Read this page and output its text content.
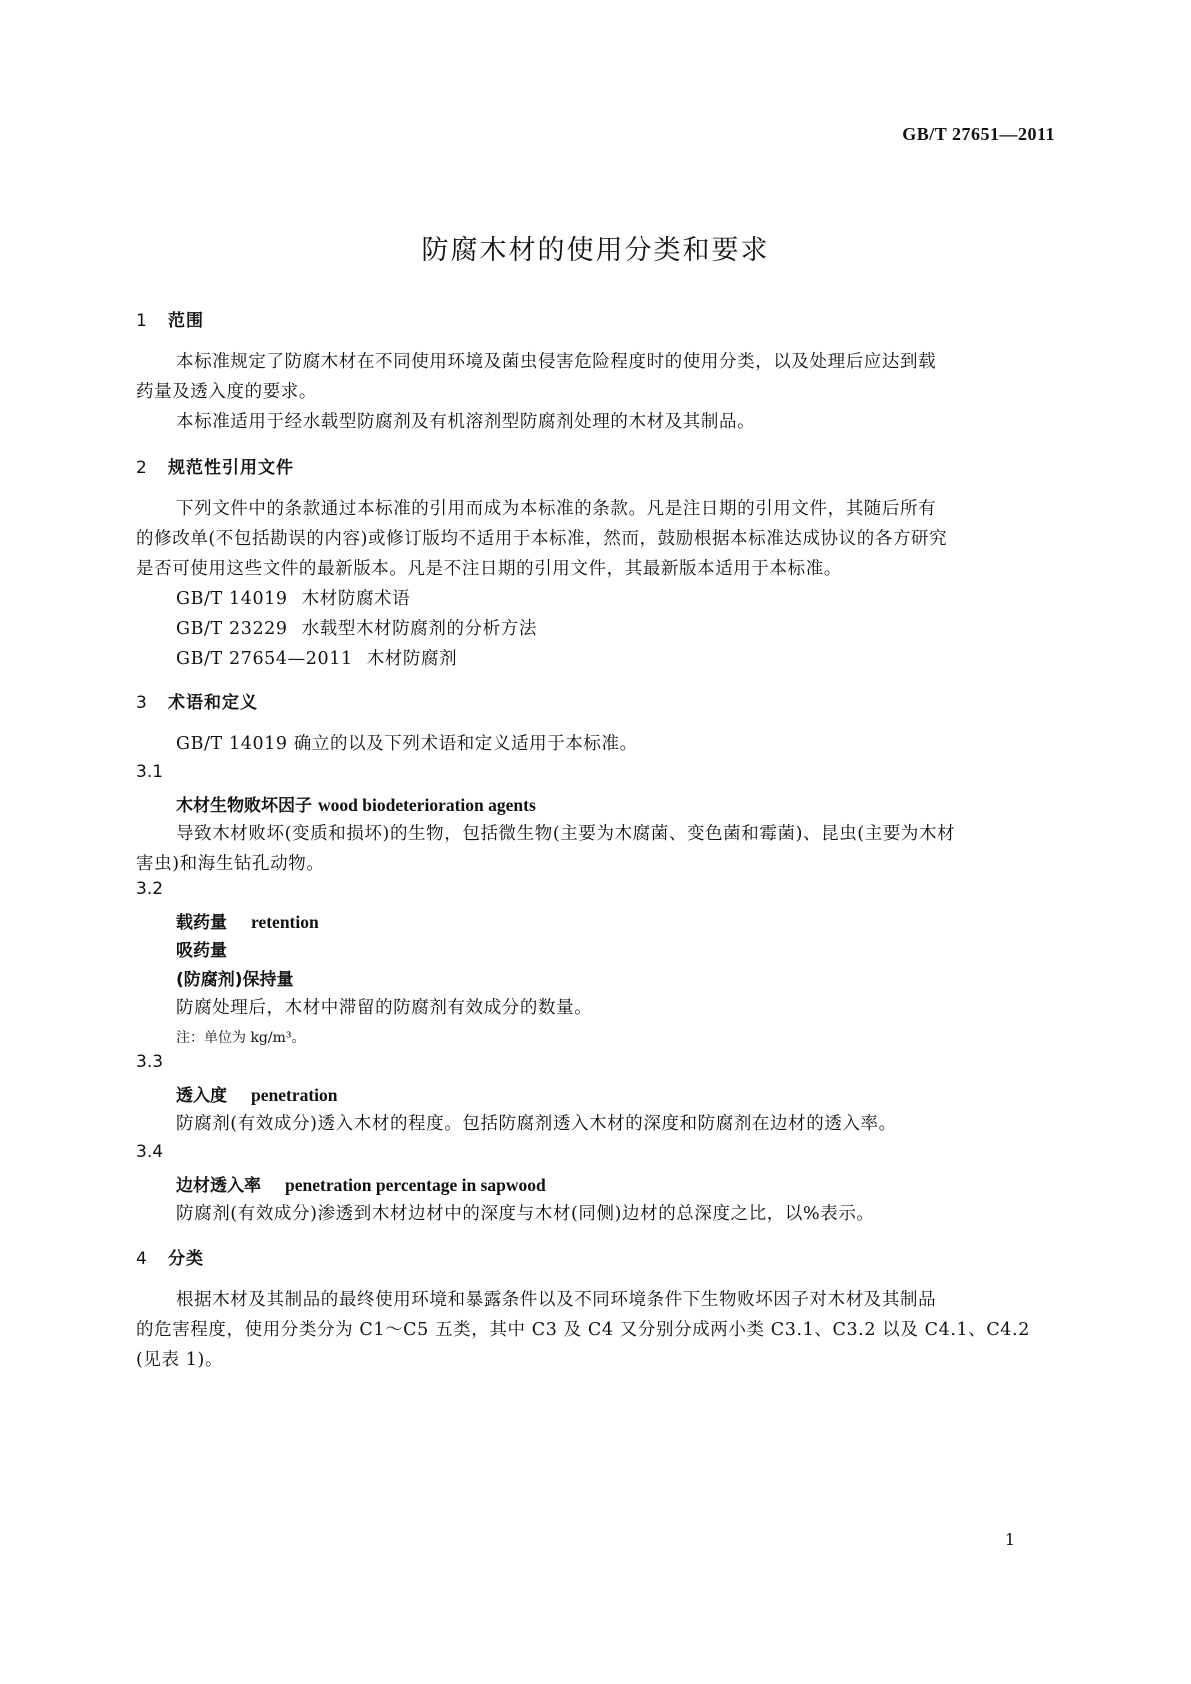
GB/T 27651—2011
防腐木材的使用分类和要求
1 范围
本标准规定了防腐木材在不同使用环境及菌虫侵害危险程度时的使用分类，以及处理后应达到载
药量及透入度的要求。
本标准适用于经水载型防腐剂及有机溶剂型防腐剂处理的木材及其制品。
2 规范性引用文件
下列文件中的条款通过本标准的引用而成为本标准的条款。凡是注日期的引用文件，其随后所有
的修改单(不包括勘误的内容)或修订版均不适用于本标准，然而，鼓励根据本标准达成协议的各方研究
是否可使用这些文件的最新版本。凡是不注日期的引用文件，其最新版本适用于本标准。
GB/T 14019 木材防腐术语
GB/T 23229 水载型木材防腐剂的分析方法
GB/T 27654—2011 木材防腐剂
3 术语和定义
GB/T 14019 确立的以及下列术语和定义适用于本标准。
3.1
木材生物败坏因子 wood biodeterioration agents
导致木材败坏(变质和损坏)的生物，包括微生物(主要为木腐菌、变色菌和霉菌)、昆虫(主要为木材
害虫)和海生钻孔动物。
3.2
载药量 retention
吸药量
(防腐剂)保持量
防腐处理后，木材中滞留的防腐剂有效成分的数量。
注：单位为 kg/m³。
3.3
透入度 penetration
防腐剂(有效成分)透入木材的程度。包括防腐剂透入木材的深度和防腐剂在边材的透入率。
3.4
边材透入率 penetration percentage in sapwood
防腐剂(有效成分)渗透到木材边材中的深度与木材(同侧)边材的总深度之比，以%表示。
4 分类
根据木材及其制品的最终使用环境和暴露条件以及不同环境条件下生物败坏因子对木材及其制品
的危害程度，使用分类分为 C1～C5 五类，其中 C3 及 C4 又分别分成两小类 C3.1、C3.2 以及 C4.1、C4.2
(见表 1)。
1
